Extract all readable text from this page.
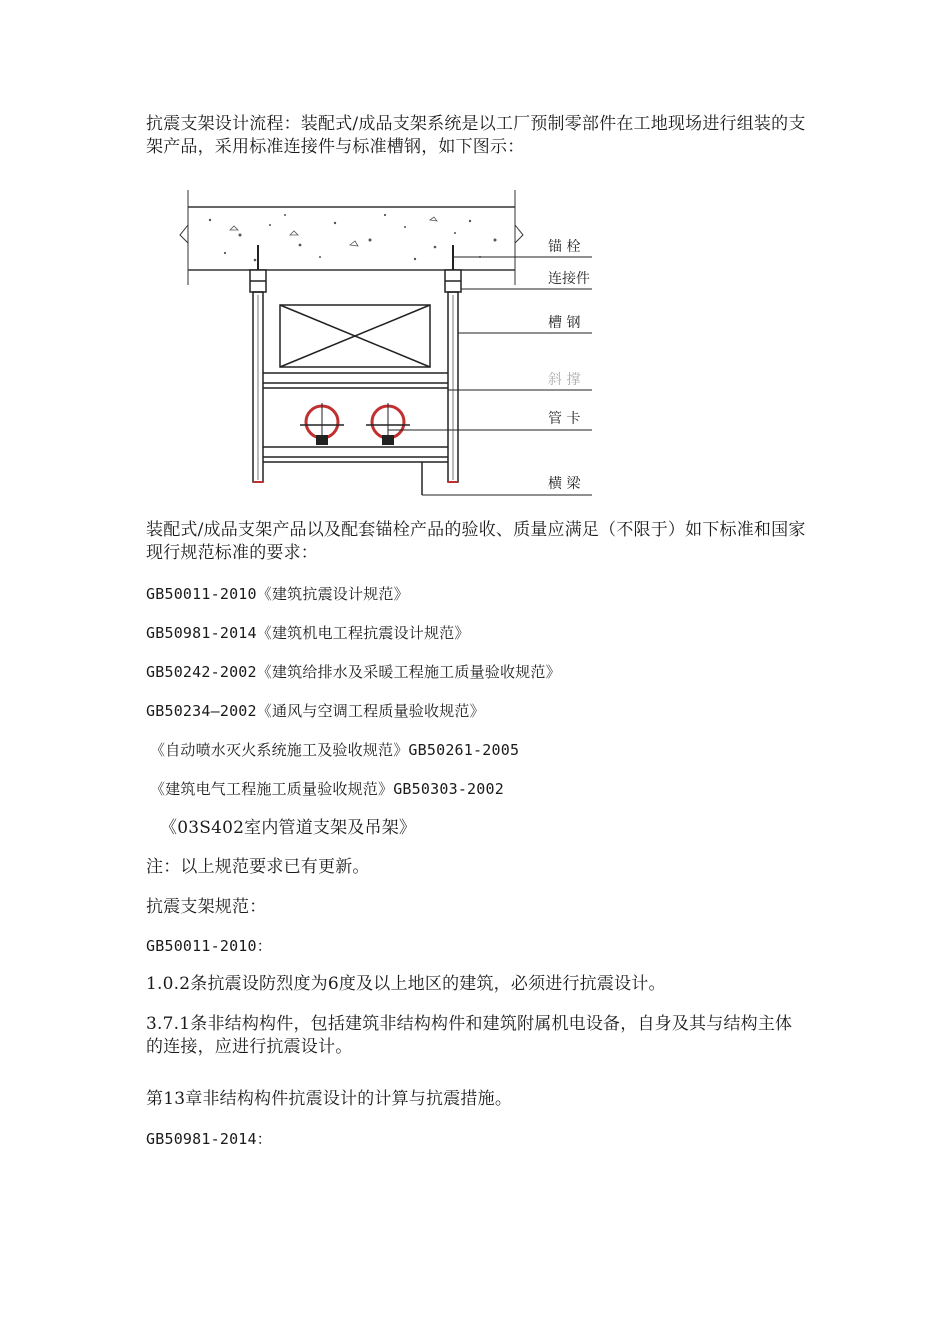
抗震支架设计流程：装配式/成品支架系统是以工厂预制零部件在工地现场进行组装的支架产品，采用标准连接件与标准槽钢，如下图示：
锚 栓
连接件
槽 钢
斜 撑
管 卡
横 梁
装配式/成品支架产品以及配套锚栓产品的验收、质量应满足（不限于）如下标准和国家现行规范标准的要求：
GB50011-2010《建筑抗震设计规范》
GB50981-2014《建筑机电工程抗震设计规范》
GB50242-2002《建筑给排水及采暖工程施工质量验收规范》
GB50234—2002《通风与空调工程质量验收规范》
《自动喷水灭火系统施工及验收规范》GB50261-2005
《建筑电气工程施工质量验收规范》GB50303-2002
《03S402室内管道支架及吊架》
注：以上规范要求已有更新。
抗震支架规范：
GB50011-2010：
1.0.2条抗震设防烈度为6度及以上地区的建筑，必须进行抗震设计。
3.7.1条非结构构件，包括建筑非结构构件和建筑附属机电设备，自身及其与结构主体的连接，应进行抗震设计。
第13章非结构构件抗震设计的计算与抗震措施。
GB50981-2014：
